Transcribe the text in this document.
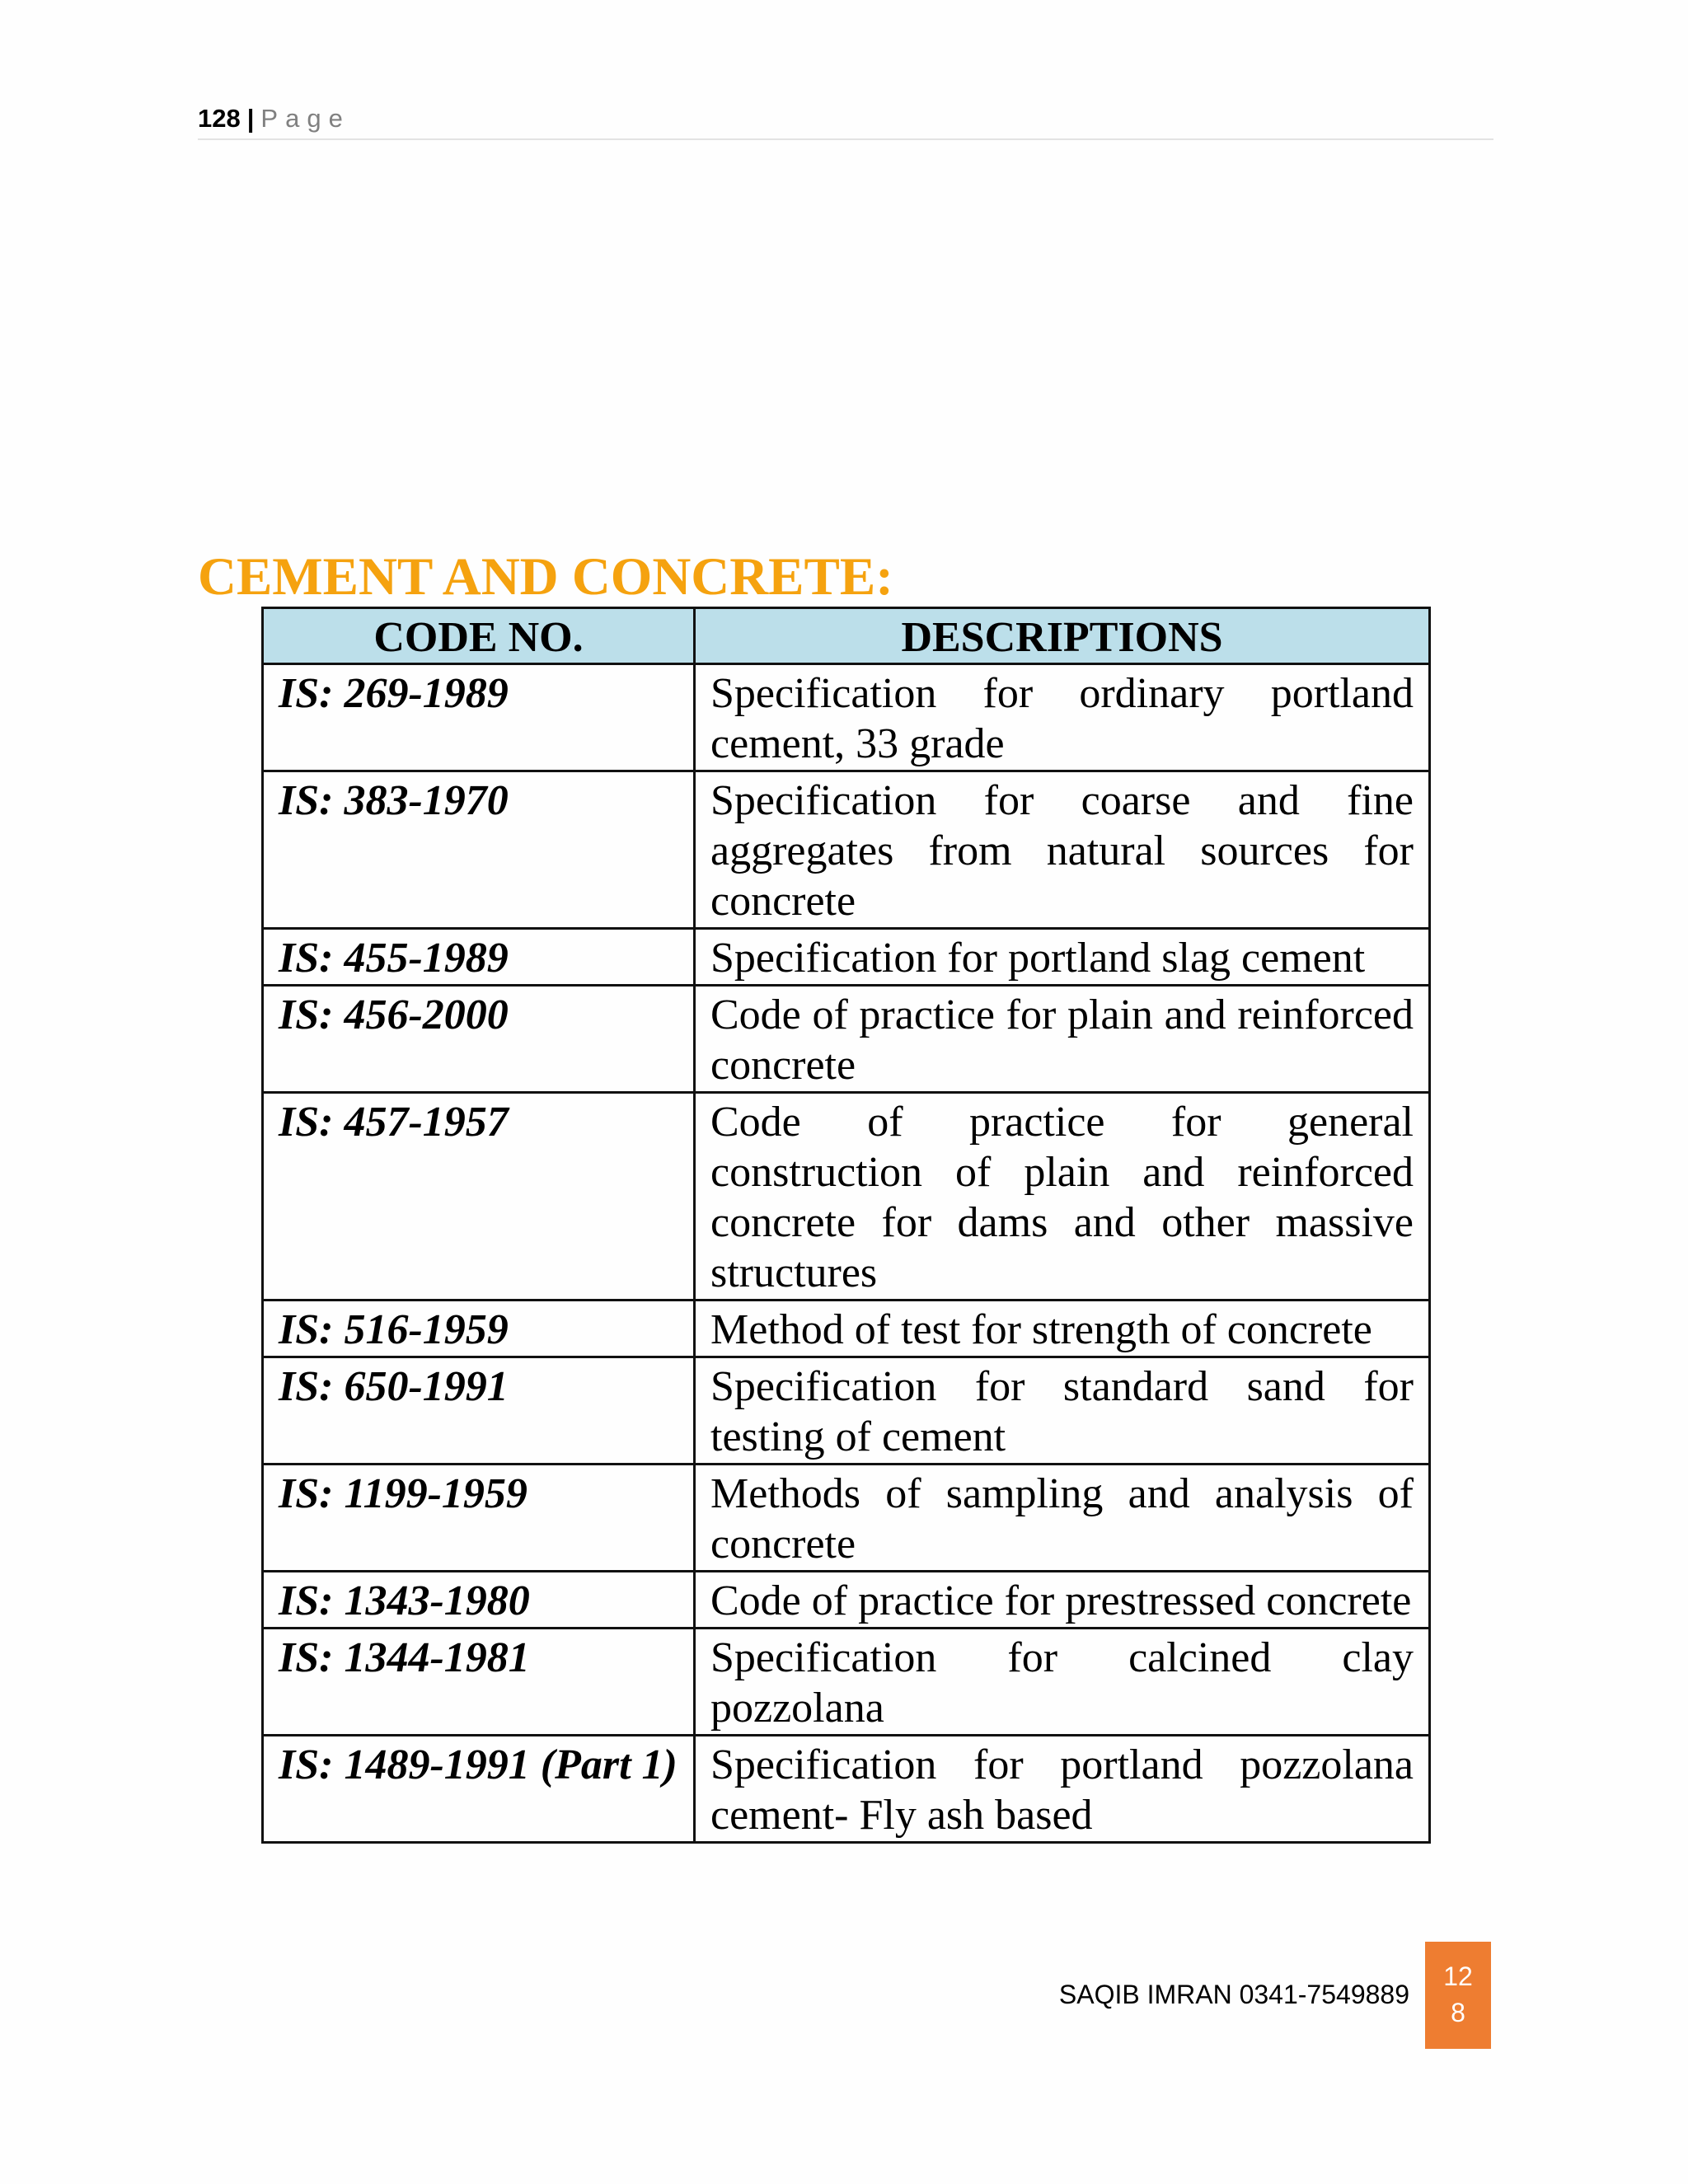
128 | Page
CEMENT AND CONCRETE:
CODE NO.	DESCRIPTIONS
IS: 269-1989	Specification for ordinary portland cement, 33 grade
IS: 383-1970	Specification for coarse and fine aggregates from natural sources for concrete
IS: 455-1989	Specification for portland slag cement
IS: 456-2000	Code of practice for plain and reinforced concrete
IS: 457-1957	Code of practice for general construction of plain and reinforced concrete for dams and other massive structures
IS: 516-1959	Method of test for strength of concrete
IS: 650-1991	Specification for standard sand for testing of cement
IS: 1199-1959	Methods of sampling and analysis of concrete
IS: 1343-1980	Code of practice for prestressed concrete
IS: 1344-1981	Specification for calcined clay pozzolana
IS: 1489-1991 (Part 1)	Specification for portland pozzolana cement- Fly ash based
SAQIB IMRAN 0341-7549889
12
8
